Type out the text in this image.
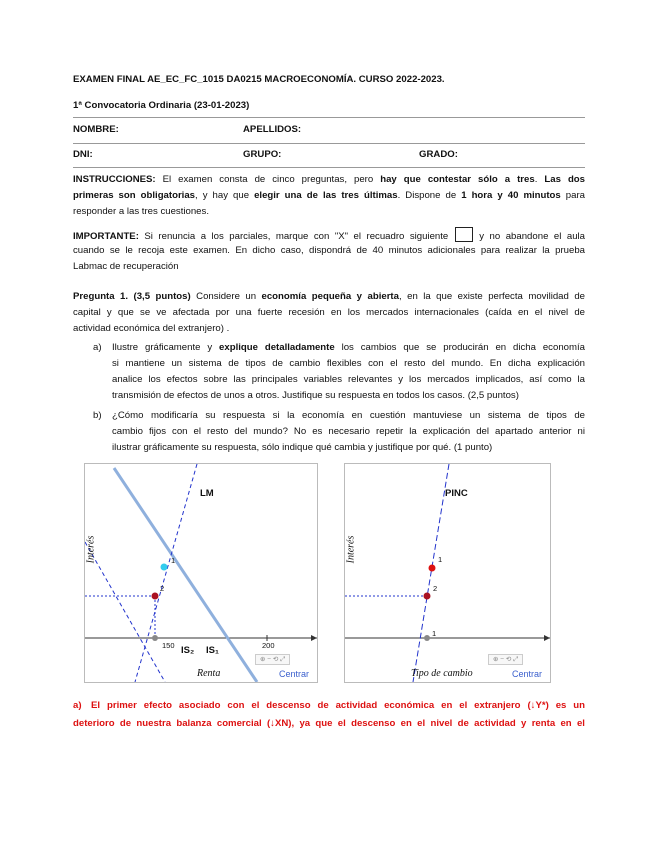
EXAMEN FINAL AE_EC_FC_1015 DA0215 MACROECONOMÍA. CURSO 2022-2023.
1ª Convocatoria Ordinaria (23-01-2023)
NOMBRE:	APELLIDOS:
DNI:	GRUPO:	GRADO:
INSTRUCCIONES: El examen consta de cinco preguntas, pero hay que contestar sólo a tres. Las dos
primeras son obligatorias, y hay que elegir una de las tres últimas. Dispone de 1 hora y 40 minutos para
responder a las tres cuestiones.
IMPORTANTE: Si renuncia a los parciales, marque con "X" el recuadro siguiente  y no abandone el aula
cuando se le recoja este examen. En dicho caso, dispondrá de 40 minutos adicionales para realizar la prueba
Labmac de recuperación
Pregunta 1. (3,5 puntos) Considere un economía pequeña y abierta, en la que existe perfecta movilidad de
capital y que se ve afectada por una fuerte recesión en los mercados internacionales (caída en el nivel de
actividad económica del extranjero) .
a)	Ilustre gráficamente y explique detalladamente los cambios que se producirán en dicha economía
si mantiene un sistema de tipos de cambio flexibles con el resto del mundo. En dicha explicación
analice los efectos sobre las principales variables relevantes y los mercados implicados, así como la
transmisión de efectos de unos a otros. Justifique su respuesta en todos los casos. (2,5 puntos)
b)	¿Cómo modificaría su respuesta si la economía en cuestión mantuviese un sistema de tipos de
cambio fijos con el resto del mundo? No es necesario repetir la explicación del apartado anterior ni
ilustrar gráficamente su respuesta, sólo indique qué cambia y justifique por qué. (1 punto)
LM
IS₂ IS₁
1
2
150	200
Interés
Renta
⊕ − ⟲ ⤢
Centrar
PINC
1
2
1
Interés
Tipo de cambio
⊕ − ⟲ ⤢
Centrar
a) El primer efecto asociado con el descenso de actividad económica en el extranjero (↓Y*) es un
deterioro de nuestra balanza comercial (↓XN), ya que el descenso en el nivel de actividad y renta en el
